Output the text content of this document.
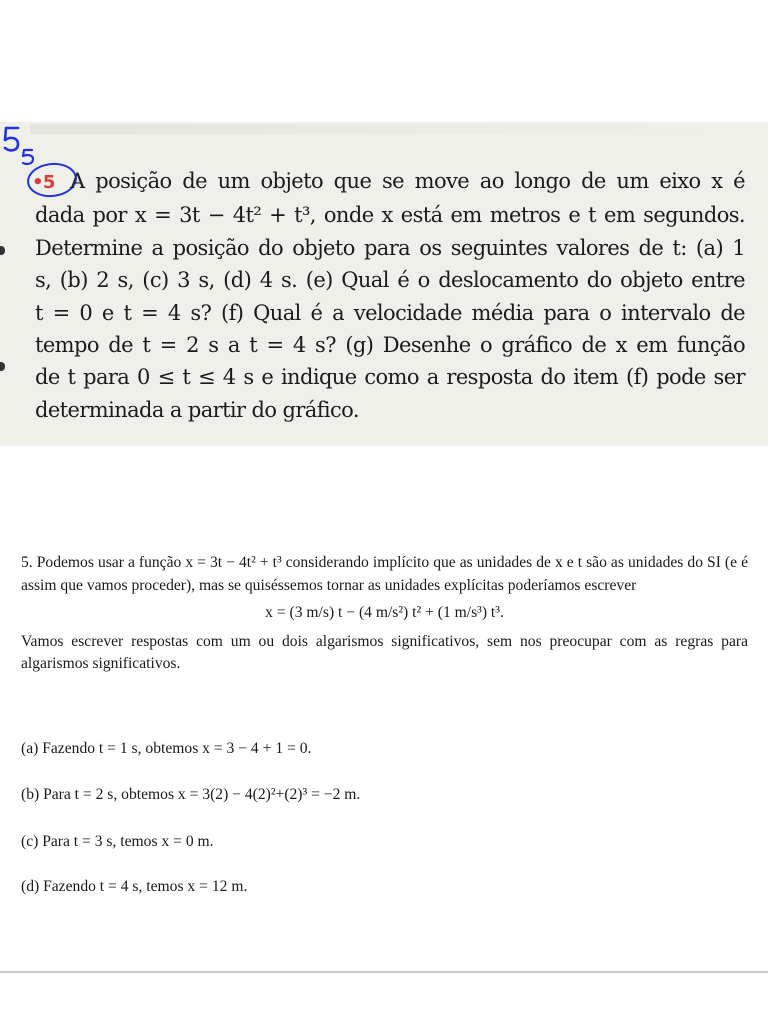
•5 A posição de um objeto que se move ao longo de um eixo x é
dada por x = 3t − 4t² + t³, onde x está em metros e t em segundos.
Determine a posição do objeto para os seguintes valores de t: (a) 1
s, (b) 2 s, (c) 3 s, (d) 4 s. (e) Qual é o deslocamento do objeto entre
t = 0 e t = 4 s? (f) Qual é a velocidade média para o intervalo de
tempo de t = 2 s a t = 4 s? (g) Desenhe o gráfico de x em função
de t para 0 ≤ t ≤ 4 s e indique como a resposta do item (f) pode ser
determinada a partir do gráfico.

5. Podemos usar a função x = 3t − 4t² + t³ considerando implícito que as unidades de x e t são as unidades do SI (e é assim que vamos proceder), mas se quiséssemos tornar as unidades explícitas poderíamos escrever

x = (3 m/s) t − (4 m/s²) t² + (1 m/s³) t³.

Vamos escrever respostas com um ou dois algarismos significativos, sem nos preocupar com as regras para algarismos significativos.

(a) Fazendo t = 1 s, obtemos x = 3 − 4 + 1 = 0.

(b) Para t = 2 s, obtemos x = 3(2) − 4(2)²+(2)³ = −2 m.

(c) Para t = 3 s, temos x = 0 m.

(d) Fazendo t = 4 s, temos x = 12 m.
